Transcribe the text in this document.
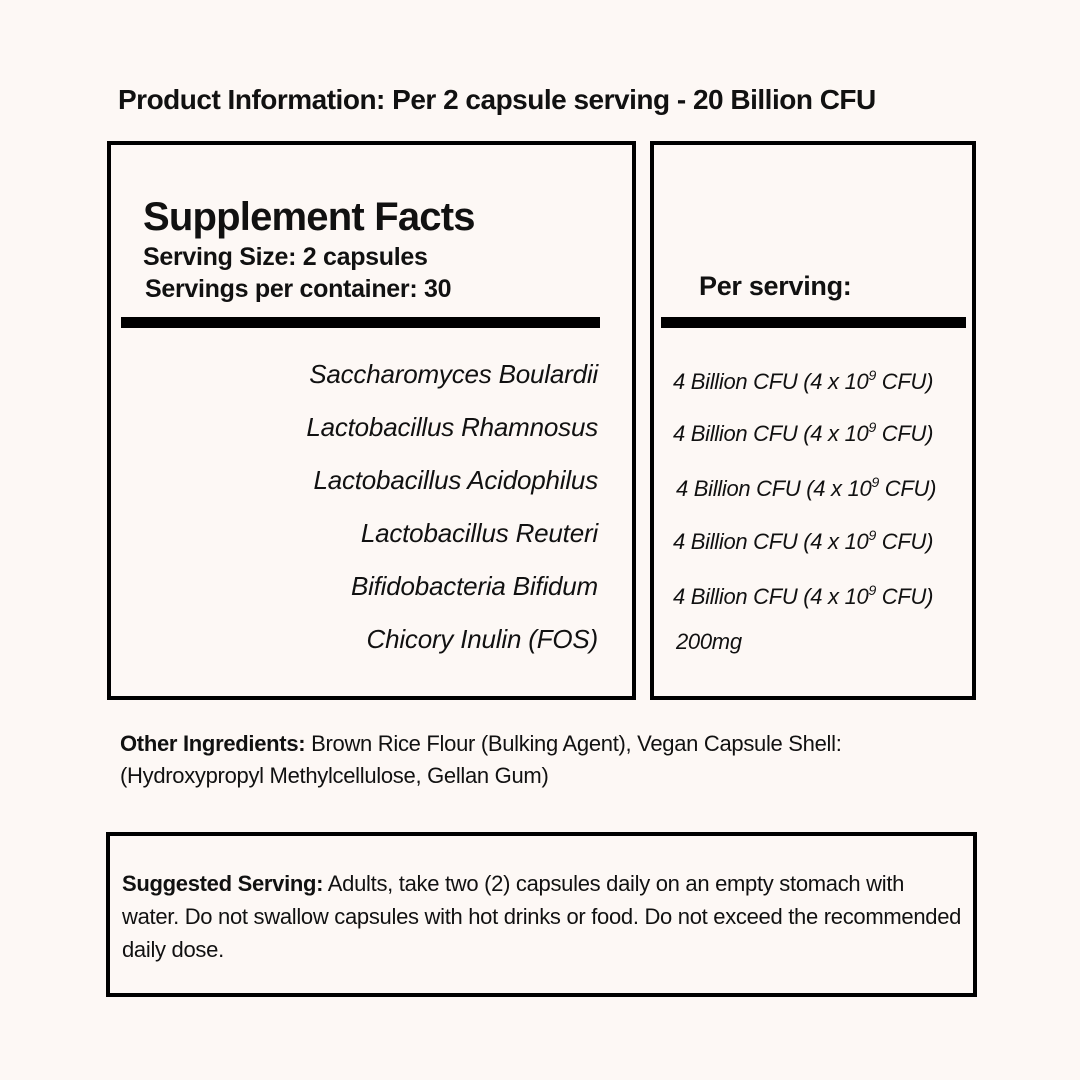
Product Information: Per 2 capsule serving - 20 Billion CFU
Supplement Facts
Serving Size: 2 capsules
Servings per container: 30
Saccharomyces Boulardii
Lactobacillus Rhamnosus
Lactobacillus Acidophilus
Lactobacillus Reuteri
Bifidobacteria Bifidum
Chicory Inulin (FOS)
Per serving:
4 Billion CFU (4 x $10^9$ CFU)
4 Billion CFU (4 x $10^9$ CFU)
4 Billion CFU (4 x $10^9$ CFU)
4 Billion CFU (4 x $10^9$ CFU)
4 Billion CFU (4 x $10^9$ CFU)
200mg

Other Ingredients: Brown Rice Flour (Bulking Agent), Vegan Capsule Shell: (Hydroxypropyl Methylcellulose, Gellan Gum)

Suggested Serving: Adults, take two (2) capsules daily on an empty stomach with water. Do not swallow capsules with hot drinks or food. Do not exceed the recommended daily dose.
